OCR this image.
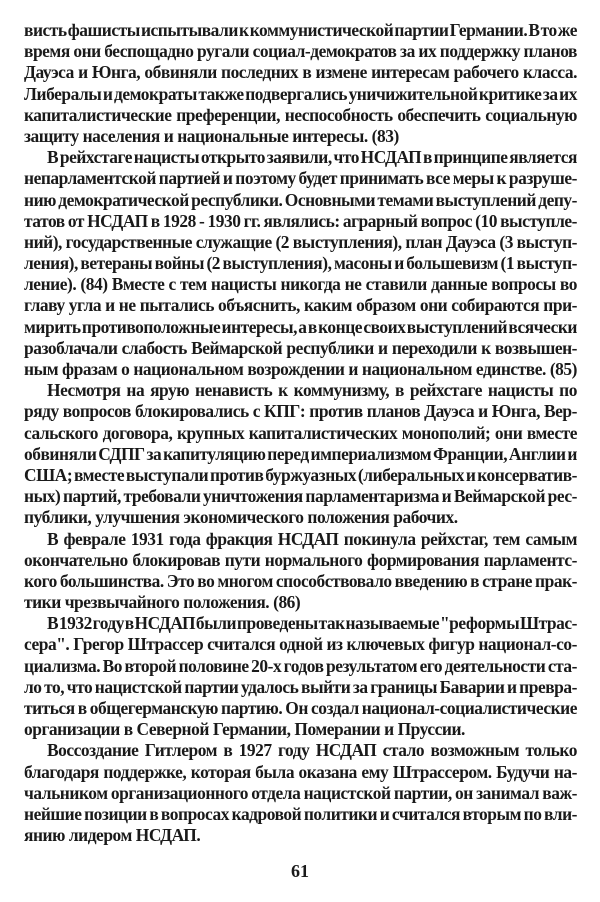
висть фашисты испытывали к коммунистической партии Германии. В то же
время они беспощадно ругали социал-демократов за их поддержку планов
Дауэса и Юнга, обвиняли последних в измене интересам рабочего класса.
Либералы и демократы также подвергались уничижительной критике за их
капиталистические преференции, неспособность обеспечить социальную
защиту населения и национальные интересы. (83)
В рейхстаге нацисты открыто заявили, что НСДАП в принципе является
непарламентской партией и поэтому будет принимать все меры к разруше-
нию демократической республики. Основными темами выступлений депу-
татов от НСДАП в 1928 - 1930 гг. являлись: аграрный вопрос (10 выступле-
ний), государственные служащие (2 выступления), план Дауэса (3 выступ-
ления), ветераны войны (2 выступления), масоны и большевизм (1 выступ-
ление). (84) Вместе с тем нацисты никогда не ставили данные вопросы во
главу угла и не пытались объяснить, каким образом они собираются при-
мирить противоположные интересы, а в конце своих выступлений всячески
разоблачали слабость Веймарской республики и переходили к возвышен-
ным фразам о национальном возрождении и национальном единстве. (85)
Несмотря на ярую ненависть к коммунизму, в рейхстаге нацисты по
ряду вопросов блокировались с КПГ: против планов Дауэса и Юнга, Вер-
сальского договора, крупных капиталистических монополий; они вместе
обвиняли СДПГ за капитуляцию перед империализмом Франции, Англии и
США; вместе выступали против буржуазных (либеральных и консерватив-
ных) партий, требовали уничтожения парламентаризма и Веймарской рес-
публики, улучшения экономического положения рабочих.
В феврале 1931 года фракция НСДАП покинула рейхстаг, тем самым
окончательно блокировав пути нормального формирования парламентс-
кого большинства. Это во многом способствовало введению в стране прак-
тики чрезвычайного положения. (86)
В 1932 году в НСДАП были проведены так называемые "реформы Штрас-
сера". Грегор Штрассер считался одной из ключевых фигур национал-со-
циализма. Во второй половине 20-х годов результатом его деятельности ста-
ло то, что нацистской партии удалось выйти за границы Баварии и превра-
титься в общегерманскую партию. Он создал национал-социалистические
организации в Северной Германии, Померании и Пруссии.
Воссоздание Гитлером в 1927 году НСДАП стало возможным только
благодаря поддержке, которая была оказана ему Штрассером. Будучи на-
чальником организационного отдела нацистской партии, он занимал важ-
нейшие позиции в вопросах кадровой политики и считался вторым по вли-
янию лидером НСДАП.
61
